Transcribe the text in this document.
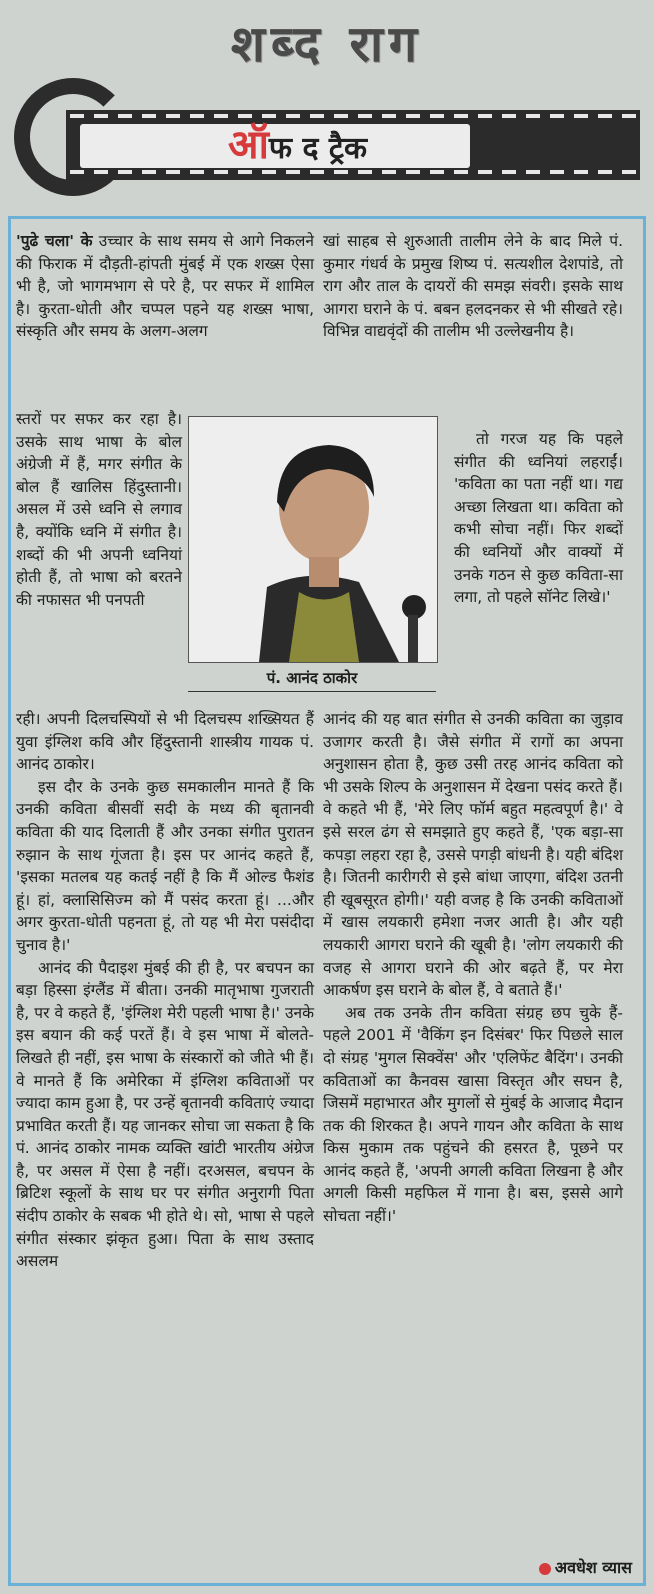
शब्द राग
ऑफ द ट्रैक

'पुढे चला' के उच्चार के साथ समय से आगे निकलने की फिराक में दौड़ती-हांपती मुंबई में एक शख्स ऐसा भी है, जो भागमभाग से परे है, पर सफर में शामिल है। कुरता-धोती और चप्पल पहने यह शख्स भाषा, संस्कृति और समय के अलग-अलग

स्तरों पर सफर कर रहा है। उसके साथ भाषा के बोल अंग्रेजी में हैं, मगर संगीत के बोल हैं खालिस हिंदुस्तानी। असल में उसे ध्वनि से लगाव है, क्योंकि ध्वनि में संगीत है। शब्दों की भी अपनी ध्वनियां होती हैं, तो भाषा को बरतने की नफासत भी पनपती

रही। अपनी दिलचस्पियों से भी दिलचस्प शख्सियत हैं युवा इंग्लिश कवि और हिंदुस्तानी शास्त्रीय गायक पं. आनंद ठाकोर।

इस दौर के उनके कुछ समकालीन मानते हैं कि उनकी कविता बीसवीं सदी के मध्य की बृतानवी कविता की याद दिलाती हैं और उनका संगीत पुरातन रुझान के साथ गूंजता है। इस पर आनंद कहते हैं, 'इसका मतलब यह कतई नहीं है कि मैं ओल्ड फैशंड हूं। हां, क्लासिसिज्म को मैं पसंद करता हूं। ...और अगर कुरता-धोती पहनता हूं, तो यह भी मेरा पसंदीदा चुनाव है।'

आनंद की पैदाइश मुंबई की ही है, पर बचपन का बड़ा हिस्सा इंग्लैंड में बीता। उनकी मातृभाषा गुजराती है, पर वे कहते हैं, 'इंग्लिश मेरी पहली भाषा है।' उनके इस बयान की कई परतें हैं। वे इस भाषा में बोलते-लिखते ही नहीं, इस भाषा के संस्कारों को जीते भी हैं। वे मानते हैं कि अमेरिका में इंग्लिश कविताओं पर ज्यादा काम हुआ है, पर उन्हें बृतानवी कविताएं ज्यादा प्रभावित करती हैं। यह जानकर सोचा जा सकता है कि पं. आनंद ठाकोर नामक व्यक्ति खांटी भारतीय अंग्रेज है, पर असल में ऐसा है नहीं। दरअसल, बचपन के ब्रिटिश स्कूलों के साथ घर पर संगीत अनुरागी पिता संदीप ठाकोर के सबक भी होते थे। सो, भाषा से पहले संगीत संस्कार झंकृत हुआ। पिता के साथ उस्ताद असलम

खां साहब से शुरुआती तालीम लेने के बाद मिले पं. कुमार गंधर्व के प्रमुख शिष्य पं. सत्यशील देशपांडे, तो राग और ताल के दायरों की समझ संवरी। इसके साथ आगरा घराने के पं. बबन हलदनकर से भी सीखते रहे। विभिन्न वाद्यवृंदों की तालीम भी उल्लेखनीय है।

तो गरज यह कि पहले संगीत की ध्वनियां लहराईं। 'कविता का पता नहीं था। गद्य अच्छा लिखता था। कविता को कभी सोचा नहीं। फिर शब्दों की ध्वनियों और वाक्यों में उनके गठन से कुछ कविता-सा लगा, तो पहले सॉनेट लिखे।'

आनंद की यह बात संगीत से उनकी कविता का जुड़ाव उजागर करती है। जैसे संगीत में रागों का अपना अनुशासन होता है, कुछ उसी तरह आनंद कविता को भी उसके शिल्प के अनुशासन में देखना पसंद करते हैं। वे कहते भी हैं, 'मेरे लिए फॉर्म बहुत महत्वपूर्ण है।' वे इसे सरल ढंग से समझाते हुए कहते हैं, 'एक बड़ा-सा कपड़ा लहरा रहा है, उससे पगड़ी बांधनी है। यही बंदिश है। जितनी कारीगरी से इसे बांधा जाएगा, बंदिश उतनी ही खूबसूरत होगी।' यही वजह है कि उनकी कविताओं में खास लयकारी हमेशा नजर आती है। और यही लयकारी आगरा घराने की खूबी है। 'लोग लयकारी की वजह से आगरा घराने की ओर बढ़ते हैं, पर मेरा आकर्षण इस घराने के बोल हैं, वे बताते हैं।'

अब तक उनके तीन कविता संग्रह छप चुके हैं- पहले 2001 में 'वैकिंग इन दिसंबर' फिर पिछले साल दो संग्रह 'मुगल सिक्वेंस' और 'एलिफेंट बैदिंग'। उनकी कविताओं का कैनवस खासा विस्तृत और सघन है, जिसमें महाभारत और मुगलों से मुंबई के आजाद मैदान तक की शिरकत है। अपने गायन और कविता के साथ किस मुकाम तक पहुंचने की हसरत है, पूछने पर आनंद कहते हैं, 'अपनी अगली कविता लिखना है और अगली किसी महफिल में गाना है। बस, इससे आगे सोचता नहीं।'

पं. आनंद ठाकोर
अवधेश व्यास
